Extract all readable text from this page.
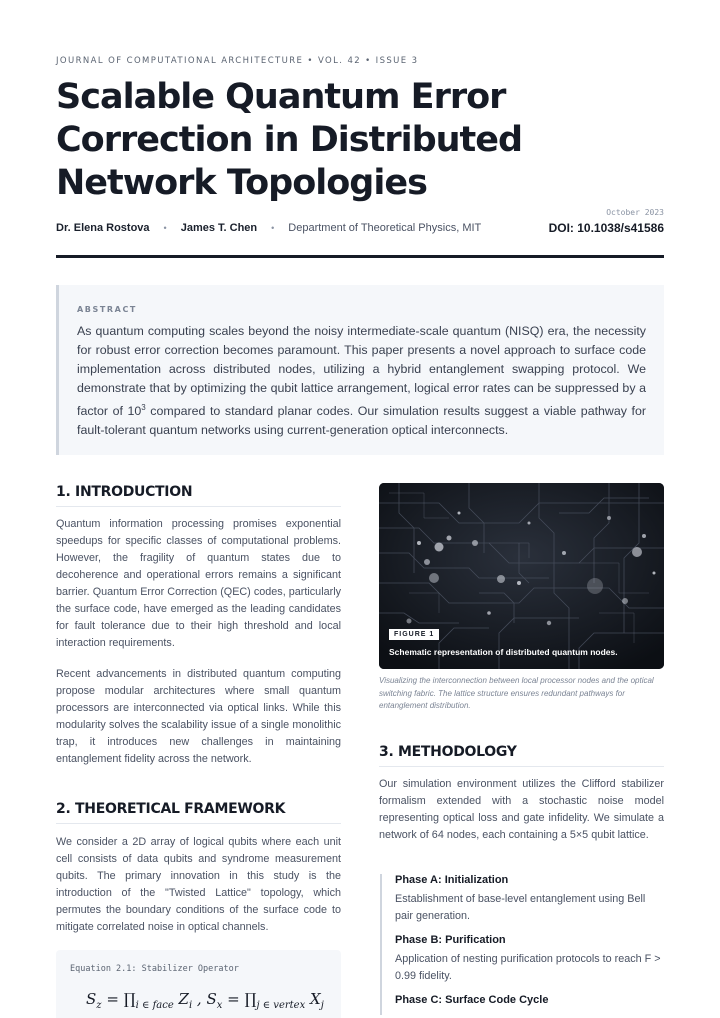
JOURNAL OF COMPUTATIONAL ARCHITECTURE • VOL. 42 • ISSUE 3
Scalable Quantum Error Correction in Distributed Network Topologies
Dr. Elena Rostova • James T. Chen • Department of Theoretical Physics, MIT
October 2023
DOI: 10.1038/s41586
ABSTRACT

As quantum computing scales beyond the noisy intermediate-scale quantum (NISQ) era, the necessity for robust error correction becomes paramount. This paper presents a novel approach to surface code implementation across distributed nodes, utilizing a hybrid entanglement swapping protocol. We demonstrate that by optimizing the qubit lattice arrangement, logical error rates can be suppressed by a factor of $10^3$ compared to standard planar codes. Our simulation results suggest a viable pathway for fault-tolerant quantum networks using current-generation optical interconnects.

1. INTRODUCTION

Quantum information processing promises exponential speedups for specific classes of computational problems. However, the fragility of quantum states due to decoherence and operational errors remains a significant barrier. Quantum Error Correction (QEC) codes, particularly the surface code, have emerged as the leading candidates for fault tolerance due to their high threshold and local interaction requirements.

Recent advancements in distributed quantum computing propose modular architectures where small quantum processors are interconnected via optical links. While this modularity solves the scalability issue of a single monolithic trap, it introduces new challenges in maintaining entanglement fidelity across the network.

2. THEORETICAL FRAMEWORK

We consider a 2D array of logical qubits where each unit cell consists of data qubits and syndrome measurement qubits. The primary innovation in this study is the introduction of the "Twisted Lattice" topology, which permutes the boundary conditions of the surface code to mitigate correlated noise in optical channels.

Equation 2.1: Stabilizer Operator
$S_z$ = $\prod_{i \in face}$ $Z_i$ , $S_x$ = $\prod_{j \in vertex}$ $X_j$
FIGURE 1
Schematic representation of distributed quantum nodes.

Visualizing the interconnection between local processor nodes and the optical switching fabric. The lattice structure ensures redundant pathways for entanglement distribution.

3. METHODOLOGY

Our simulation environment utilizes the Clifford stabilizer formalism extended with a stochastic noise model representing optical loss and gate infidelity. We simulate a network of 64 nodes, each containing a 5×5 qubit lattice.

Phase A: Initialization
Establishment of base-level entanglement using Bell pair generation.
Phase B: Purification
Application of nesting purification protocols to reach F > 0.99 fidelity.
Phase C: Surface Code Cycle
